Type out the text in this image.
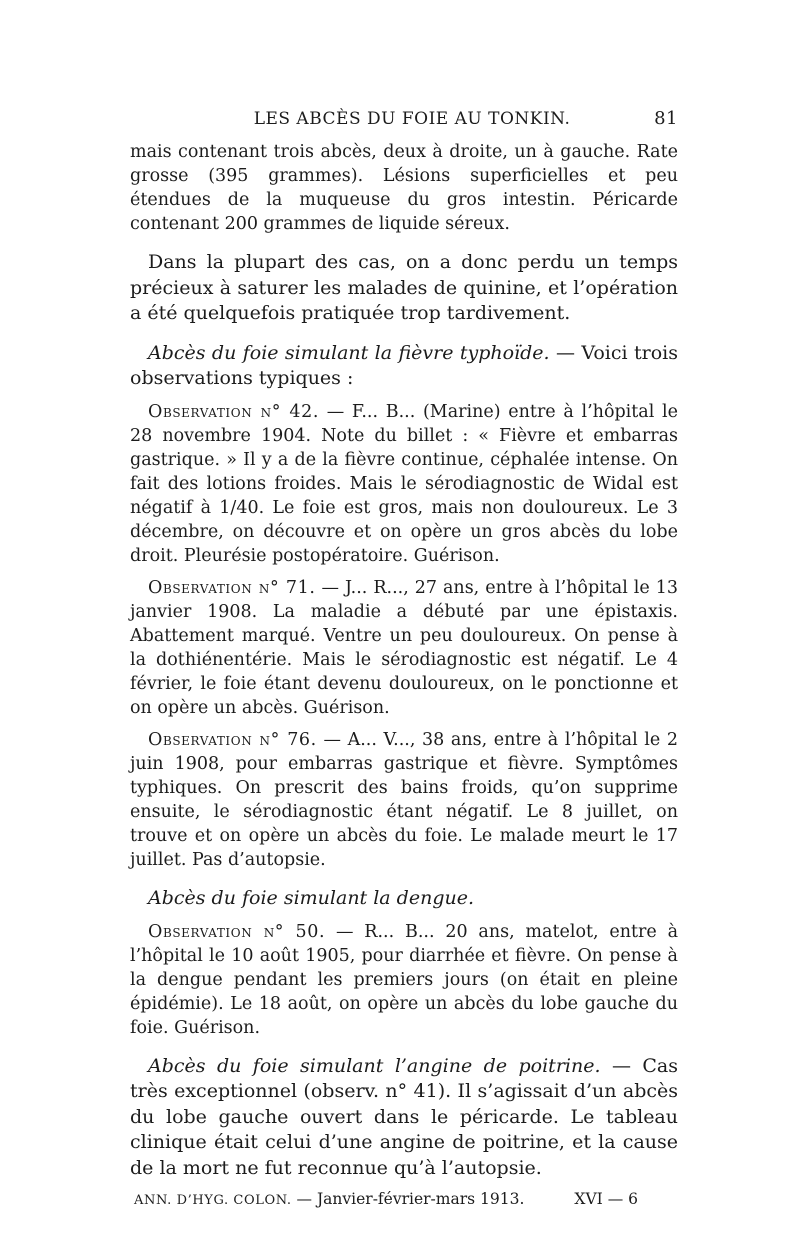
LES ABCÈS DU FOIE AU TONKIN.	81

mais contenant trois abcès, deux à droite, un à gauche. Rate grosse (395 grammes). Lésions superficielles et peu étendues de la muqueuse du gros intestin. Péricarde contenant 200 grammes de liquide séreux.

Dans la plupart des cas, on a donc perdu un temps précieux à saturer les malades de quinine, et l’opération a été quelquefois pratiquée trop tardivement.

Abcès du foie simulant la fièvre typhoïde. — Voici trois observations typiques :

Observation n° 42. — F... B... (Marine) entre à l’hôpital le 28 novembre 1904. Note du billet : « Fièvre et embarras gastrique. » Il y a de la fièvre continue, céphalée intense. On fait des lotions froides. Mais le sérodiagnostic de Widal est négatif à 1/40. Le foie est gros, mais non douloureux. Le 3 décembre, on découvre et on opère un gros abcès du lobe droit. Pleurésie postopératoire. Guérison.

Observation n° 71. — J... R..., 27 ans, entre à l’hôpital le 13 janvier 1908. La maladie a débuté par une épistaxis. Abattement marqué. Ventre un peu douloureux. On pense à la dothiénentérie. Mais le sérodiagnostic est négatif. Le 4 février, le foie étant devenu douloureux, on le ponctionne et on opère un abcès. Guérison.

Observation n° 76. — A... V..., 38 ans, entre à l’hôpital le 2 juin 1908, pour embarras gastrique et fièvre. Symptômes typhiques. On prescrit des bains froids, qu’on supprime ensuite, le sérodiagnostic étant négatif. Le 8 juillet, on trouve et on opère un abcès du foie. Le malade meurt le 17 juillet. Pas d’autopsie.

Abcès du foie simulant la dengue.

Observation n° 50. — R... B... 20 ans, matelot, entre à l’hôpital le 10 août 1905, pour diarrhée et fièvre. On pense à la dengue pendant les premiers jours (on était en pleine épidémie). Le 18 août, on opère un abcès du lobe gauche du foie. Guérison.

Abcès du foie simulant l’angine de poitrine. — Cas très exceptionnel (observ. n° 41). Il s’agissait d’un abcès du lobe gauche ouvert dans le péricarde. Le tableau clinique était celui d’une angine de poitrine, et la cause de la mort ne fut reconnue qu’à l’autopsie.

ANN. D’HYG. COLON. — Janvier-février-mars 1913.	XVI — 6
